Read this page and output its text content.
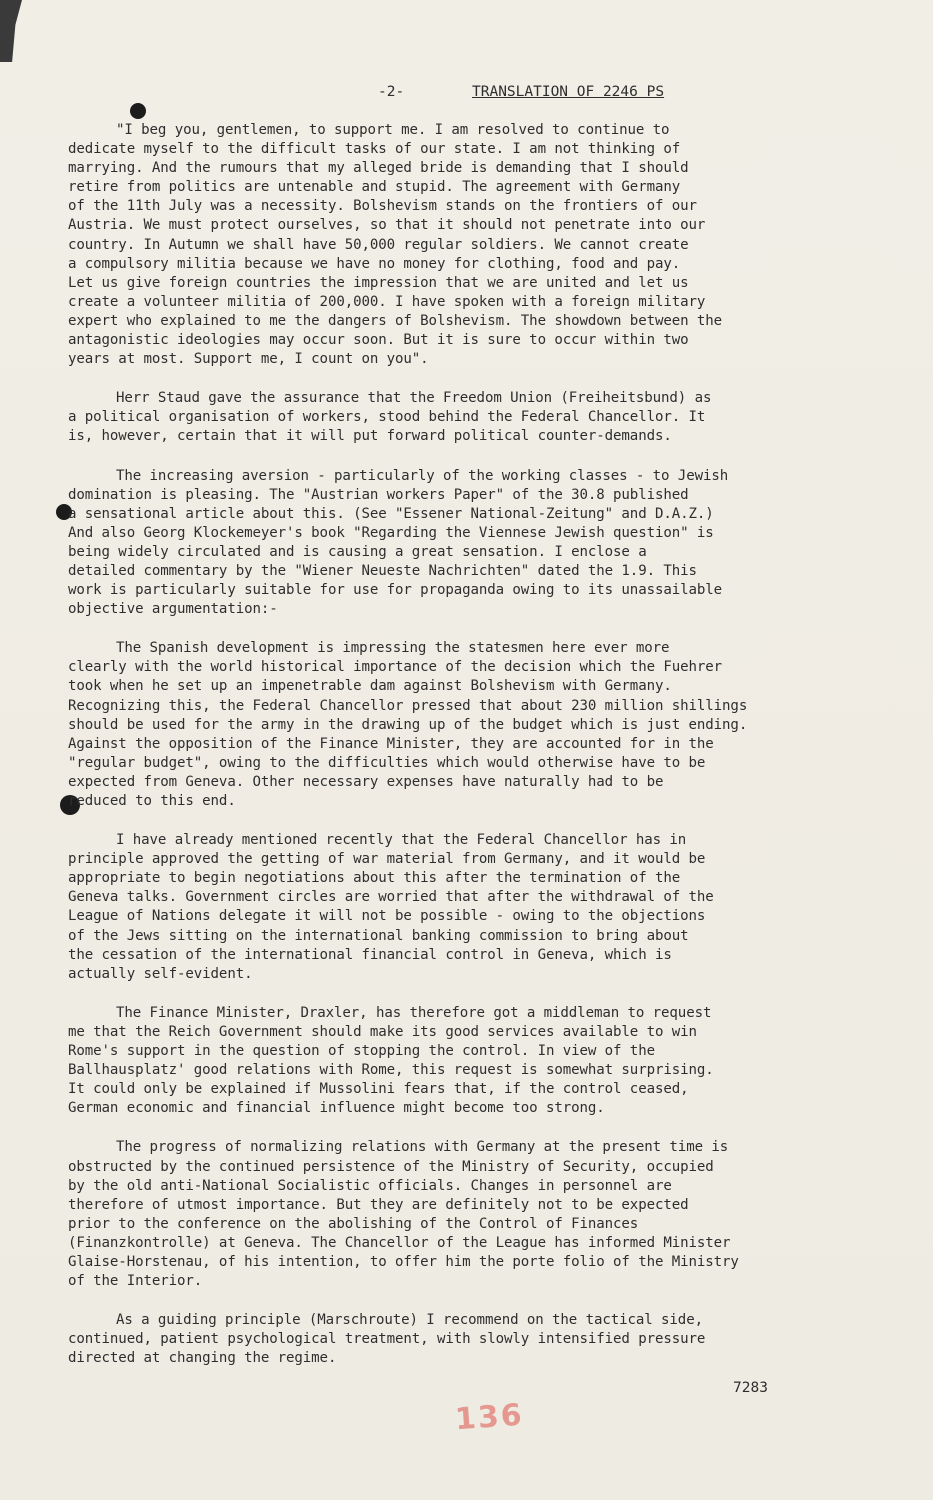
-2-	TRANSLATION OF 2246 PS

"I beg you, gentlemen, to support me. I am resolved to continue to
dedicate myself to the difficult tasks of our state. I am not thinking of
marrying. And the rumours that my alleged bride is demanding that I should
retire from politics are untenable and stupid. The agreement with Germany
of the 11th July was a necessity. Bolshevism stands on the frontiers of our
Austria. We must protect ourselves, so that it should not penetrate into our
country. In Autumn we shall have 50,000 regular soldiers. We cannot create
a compulsory militia because we have no money for clothing, food and pay.
Let us give foreign countries the impression that we are united and let us
create a volunteer militia of 200,000. I have spoken with a foreign military
expert who explained to me the dangers of Bolshevism. The showdown between the
antagonistic ideologies may occur soon. But it is sure to occur within two
years at most. Support me, I count on you".

Herr Staud gave the assurance that the Freedom Union (Freiheitsbund) as
a political organisation of workers, stood behind the Federal Chancellor. It
is, however, certain that it will put forward political counter-demands.

The increasing aversion - particularly of the working classes - to Jewish
domination is pleasing. The "Austrian workers Paper" of the 30.8 published
a sensational article about this. (See "Essener National-Zeitung" and D.A.Z.)
And also Georg Klockemeyer's book "Regarding the Viennese Jewish question" is
being widely circulated and is causing a great sensation. I enclose a
detailed commentary by the "Wiener Neueste Nachrichten" dated the 1.9. This
work is particularly suitable for use for propaganda owing to its unassailable
objective argumentation:-

The Spanish development is impressing the statesmen here ever more
clearly with the world historical importance of the decision which the Fuehrer
took when he set up an impenetrable dam against Bolshevism with Germany.
Recognizing this, the Federal Chancellor pressed that about 230 million shillings
should be used for the army in the drawing up of the budget which is just ending.
Against the opposition of the Finance Minister, they are accounted for in the
"regular budget", owing to the difficulties which would otherwise have to be
expected from Geneva. Other necessary expenses have naturally had to be
reduced to this end.

I have already mentioned recently that the Federal Chancellor has in
principle approved the getting of war material from Germany, and it would be
appropriate to begin negotiations about this after the termination of the
Geneva talks. Government circles are worried that after the withdrawal of the
League of Nations delegate it will not be possible - owing to the objections
of the Jews sitting on the international banking commission to bring about
the cessation of the international financial control in Geneva, which is
actually self-evident.

The Finance Minister, Draxler, has therefore got a middleman to request
me that the Reich Government should make its good services available to win
Rome's support in the question of stopping the control. In view of the
Ballhausplatz' good relations with Rome, this request is somewhat surprising.
It could only be explained if Mussolini fears that, if the control ceased,
German economic and financial influence might become too strong.

The progress of normalizing relations with Germany at the present time is
obstructed by the continued persistence of the Ministry of Security, occupied
by the old anti-National Socialistic officials. Changes in personnel are
therefore of utmost importance. But they are definitely not to be expected
prior to the conference on the abolishing of the Control of Finances
(Finanzkontrolle) at Geneva. The Chancellor of the League has informed Minister
Glaise-Horstenau, of his intention, to offer him the porte folio of the Ministry
of the Interior.

As a guiding principle (Marschroute) I recommend on the tactical side,
continued, patient psychological treatment, with slowly intensified pressure
directed at changing the regime.

7283
136
